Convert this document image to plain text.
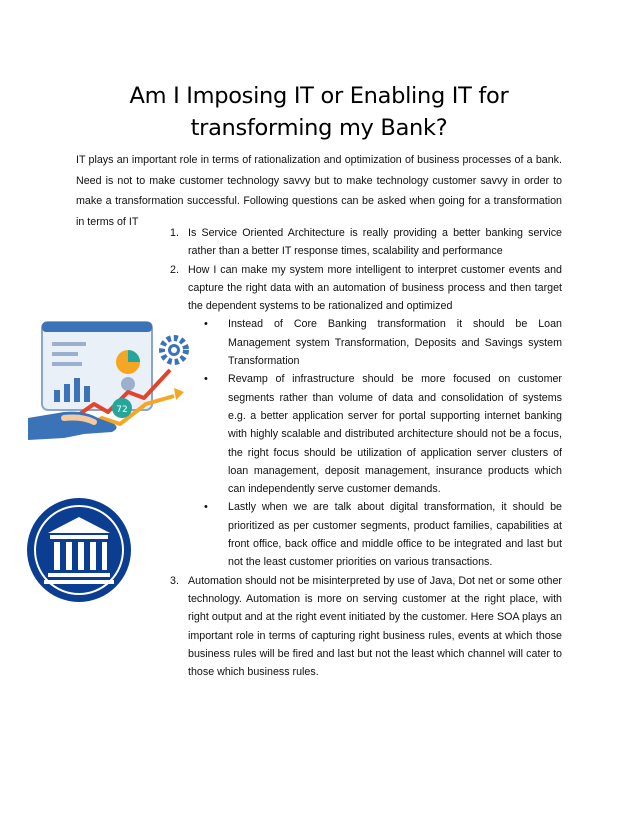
Am I Imposing IT or Enabling IT for
transforming my Bank?

IT plays an important role in terms of rationalization and optimization of business processes of a bank. Need is not to make customer technology savvy but to make technology customer savvy in order to make a transformation successful. Following questions can be asked when going for a transformation in terms of IT

72
1. Is Service Oriented Architecture is really providing a better banking service rather than a better IT response times, scalability and performance
2. How I can make my system more intelligent to interpret customer events and capture the right data with an automation of business process and then target the dependent systems to be rationalized and optimized
• Instead of Core Banking transformation it should be Loan Management system Transformation, Deposits and Savings system Transformation
• Revamp of infrastructure should be more focused on customer segments rather than volume of data and consolidation of systems e.g. a better application server for portal supporting internet banking with highly scalable and distributed architecture should not be a focus, the right focus should be utilization of application server clusters of loan management, deposit management, insurance products which can independently serve customer demands.
• Lastly when we are talk about digital transformation, it should be prioritized as per customer segments, product families, capabilities at front office, back office and middle office to be integrated and last but not the least customer priorities on various transactions.
3. Automation should not be misinterpreted by use of Java, Dot net or some other technology. Automation is more on serving customer at the right place, with right output and at the right event initiated by the customer. Here SOA plays an important role in terms of capturing right business rules, events at which those business rules will be fired and last but not the least which channel will cater to those which business rules.
